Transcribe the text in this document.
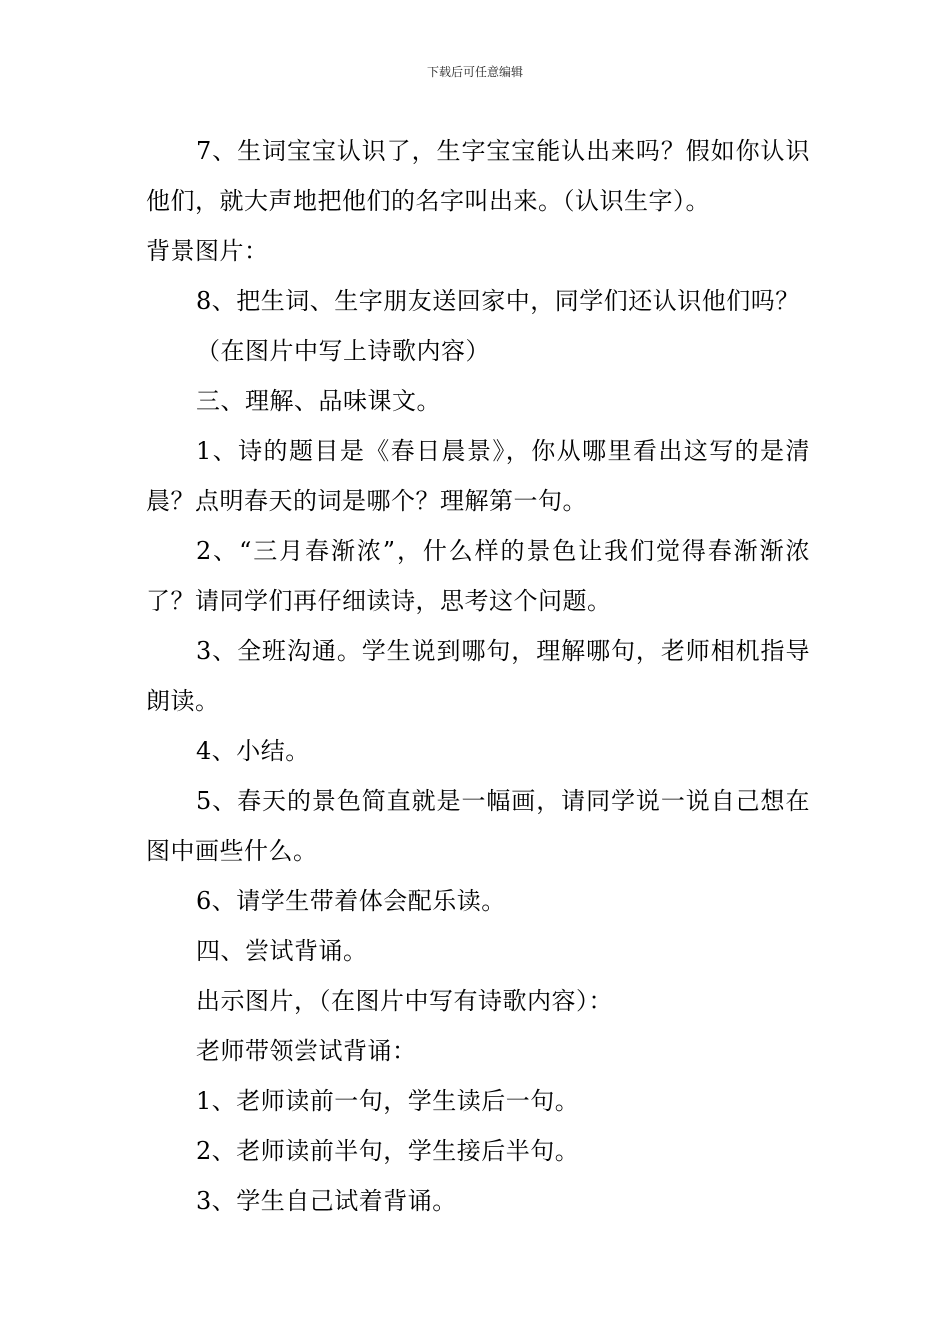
下载后可任意编辑

7、生词宝宝认识了，生字宝宝能认出来吗？假如你认识他们，就大声地把他们的名字叫出来。（认识生字）。

背景图片：

8、把生词、生字朋友送回家中，同学们还认识他们吗？

（在图片中写上诗歌内容）

三、理解、品味课文。

1、诗的题目是《春日晨景》，你从哪里看出这写的是清晨？点明春天的词是哪个？理解第一句。

2、“三月春渐浓”，什么样的景色让我们觉得春渐渐浓了？请同学们再仔细读诗，思考这个问题。

3、全班沟通。学生说到哪句，理解哪句，老师相机指导朗读。

4、小结。

5、春天的景色简直就是一幅画，请同学说一说自己想在图中画些什么。

6、请学生带着体会配乐读。

四、尝试背诵。

出示图片，（在图片中写有诗歌内容）：

老师带领尝试背诵：

1、老师读前一句，学生读后一句。

2、老师读前半句，学生接后半句。

3、学生自己试着背诵。
